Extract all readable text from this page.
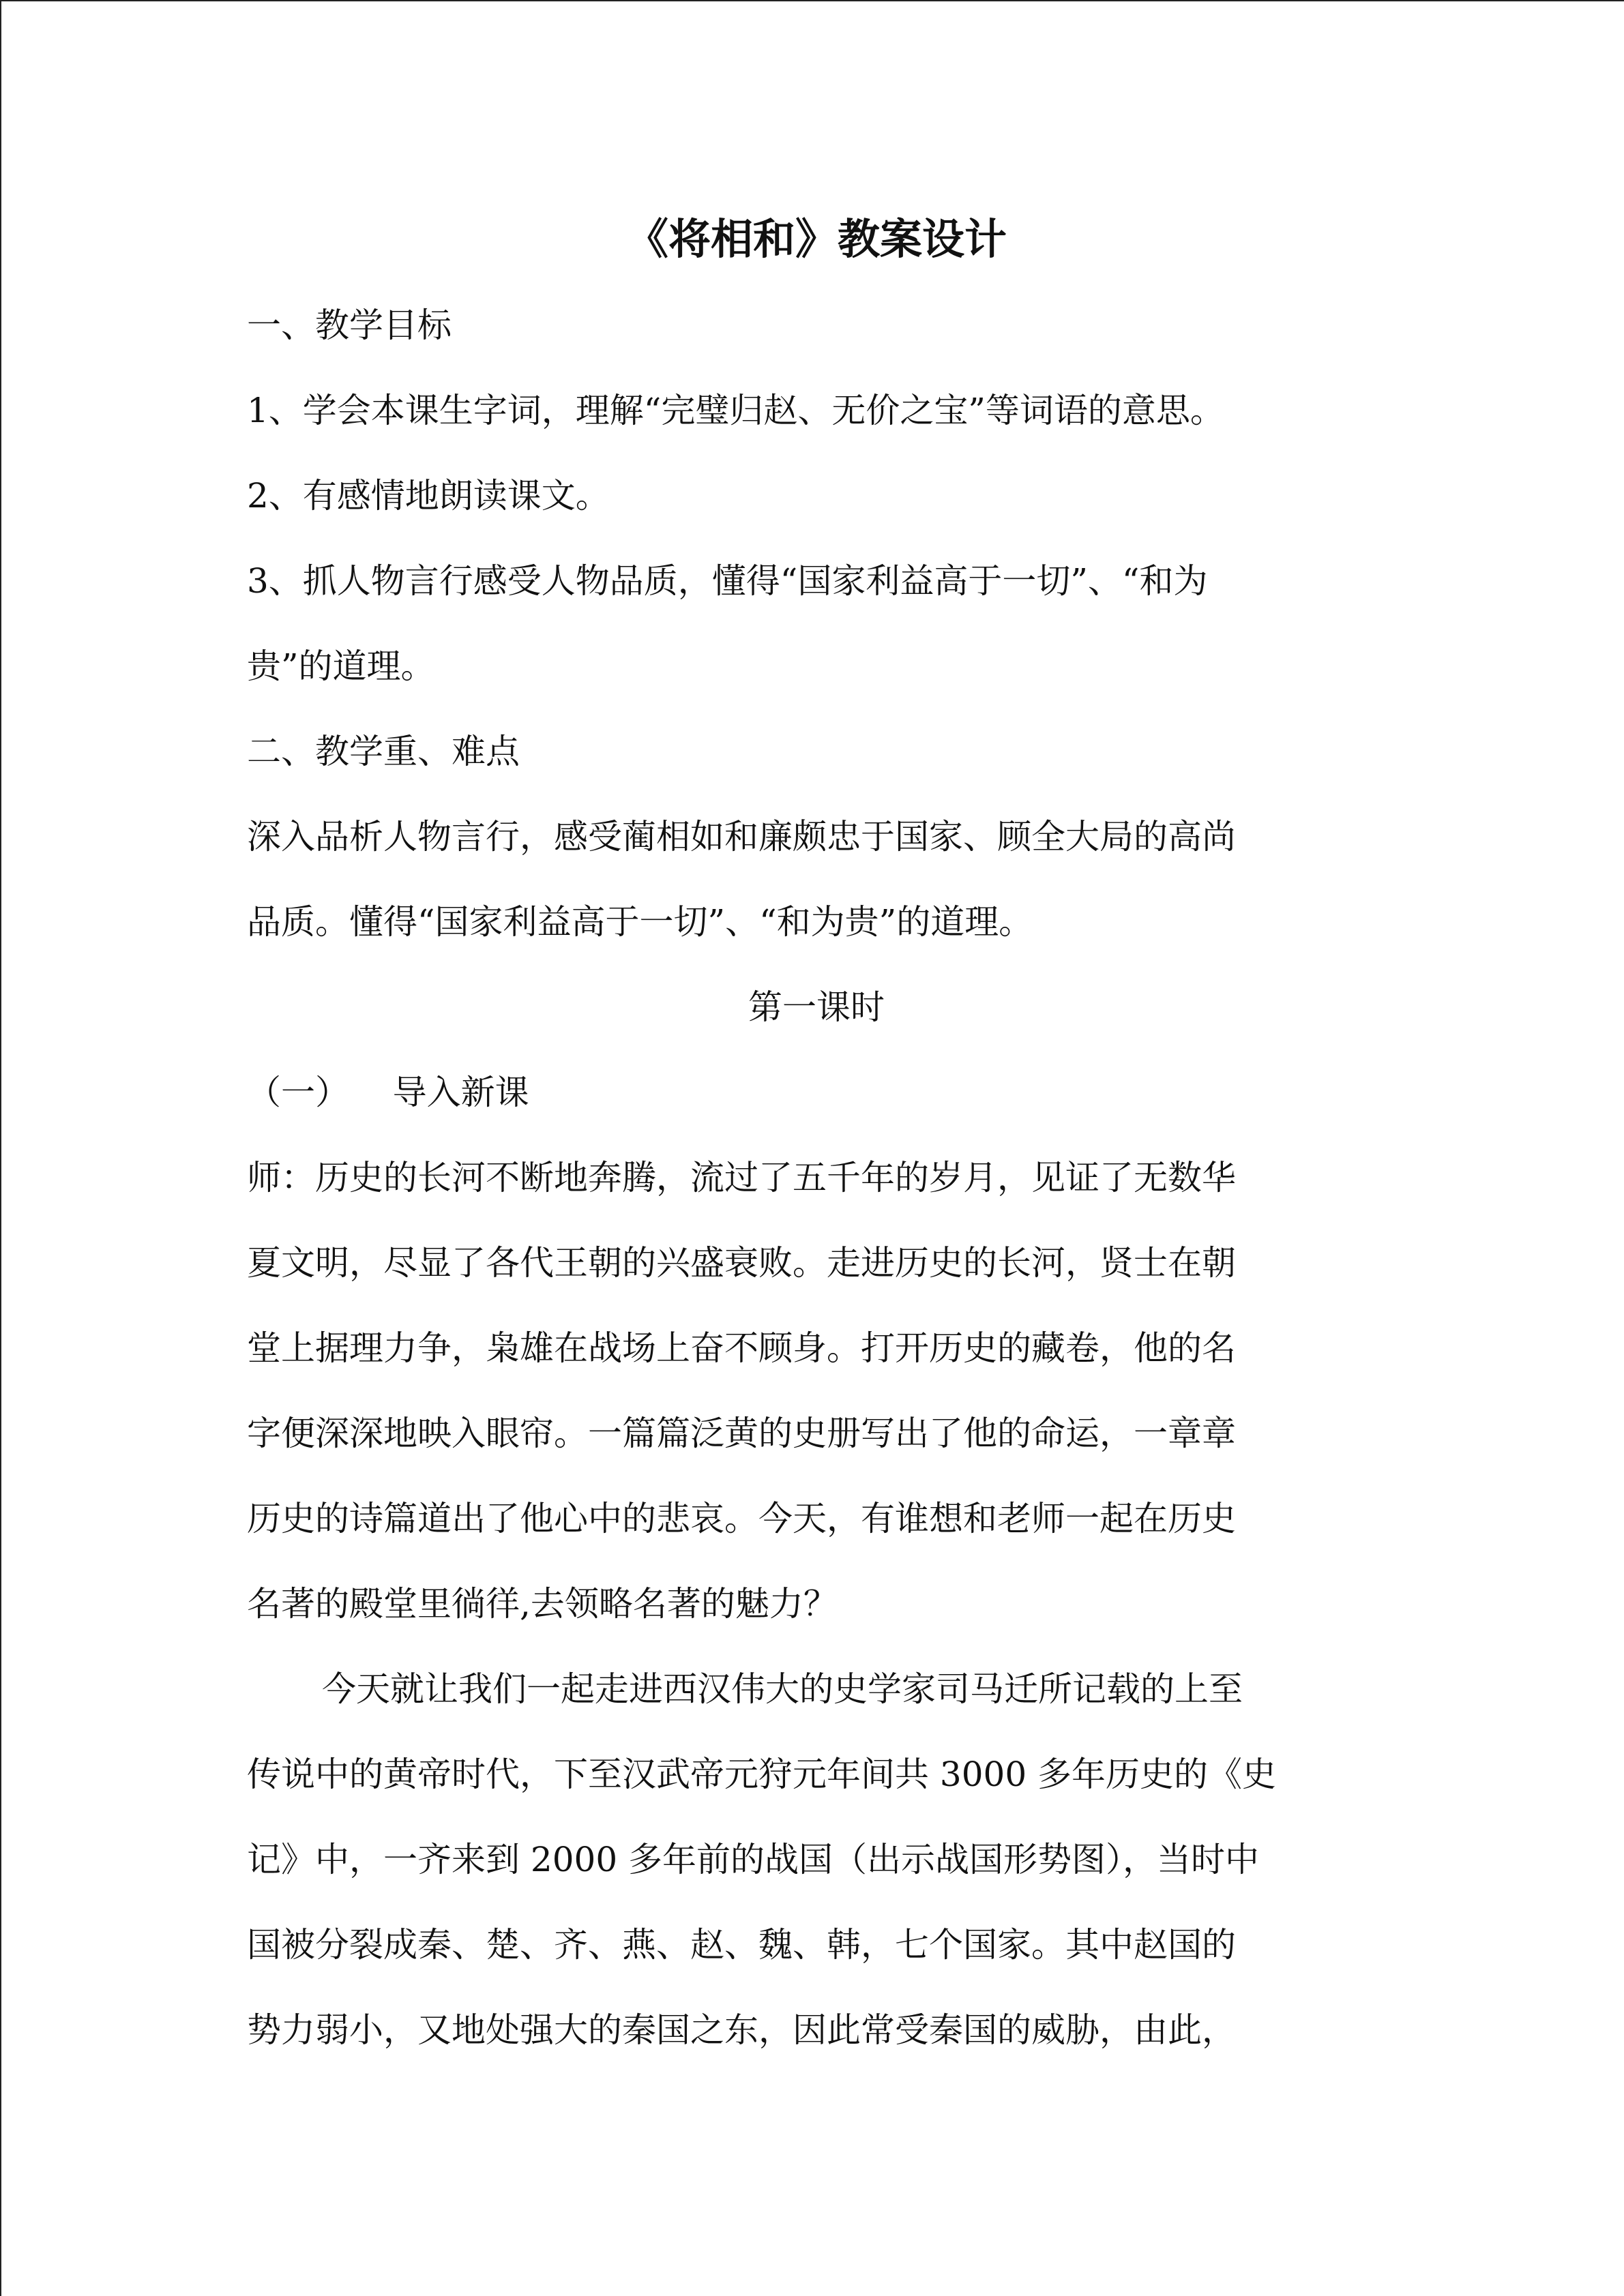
《将相和》教案设计
一、教学目标
1、学会本课生字词，理解“完璧归赵、无价之宝”等词语的意思。
2、有感情地朗读课文。
3、抓人物言行感受人物品质，懂得“国家利益高于一切”、“和为
贵”的道理。
二、教学重、难点
深入品析人物言行，感受蔺相如和廉颇忠于国家、顾全大局的高尚
品质。懂得“国家利益高于一切”、“和为贵”的道理。
第一课时
（一）    导入新课
师：历史的长河不断地奔腾，流过了五千年的岁月，见证了无数华
夏文明，尽显了各代王朝的兴盛衰败。走进历史的长河，贤士在朝
堂上据理力争，枭雄在战场上奋不顾身。打开历史的藏卷，他的名
字便深深地映入眼帘。一篇篇泛黄的史册写出了他的命运，一章章
历史的诗篇道出了他心中的悲哀。今天，有谁想和老师一起在历史
名著的殿堂里徜徉,去领略名著的魅力？
今天就让我们一起走进西汉伟大的史学家司马迁所记载的上至
传说中的黄帝时代，下至汉武帝元狩元年间共 3000 多年历史的《史
记》中，一齐来到 2000 多年前的战国（出示战国形势图），当时中
国被分裂成秦、楚、齐、燕、赵、魏、韩，七个国家。其中赵国的
势力弱小，又地处强大的秦国之东，因此常受秦国的威胁，由此，
